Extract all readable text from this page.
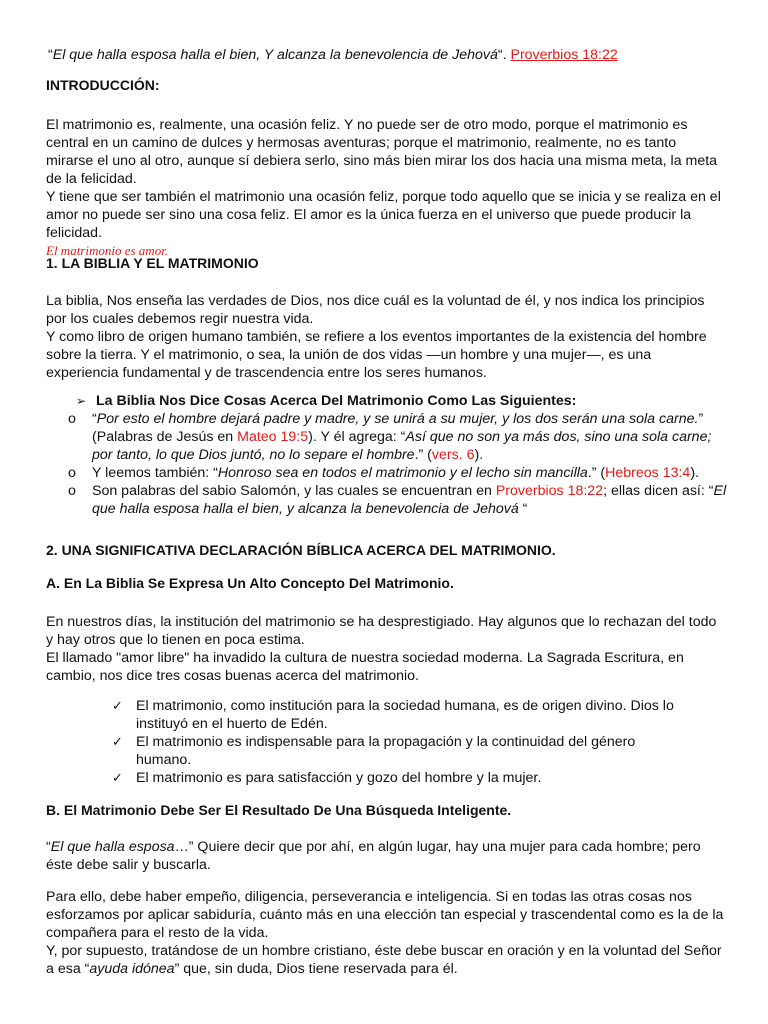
“El que halla esposa halla el bien, Y alcanza la benevolencia de Jehová“. Proverbios 18:22

INTRODUCCIÓN:

El matrimonio es, realmente, una ocasión feliz. Y no puede ser de otro modo, porque el matrimonio es central en un camino de dulces y hermosas aventuras; porque el matrimonio, realmente, no es tanto mirarse el uno al otro, aunque sí debiera serlo, sino más bien mirar los dos hacia una misma meta, la meta de la felicidad.
Y tiene que ser también el matrimonio una ocasión feliz, porque todo aquello que se inicia y se realiza en el amor no puede ser sino una cosa feliz. El amor es la única fuerza en el universo que puede producir la felicidad.
El matrimonio es amor.

1. LA BIBLIA Y EL MATRIMONIO

La biblia, Nos enseña las verdades de Dios, nos dice cuál es la voluntad de él, y nos indica los principios por los cuales debemos regir nuestra vida.
Y como libro de origen humano también, se refiere a los eventos importantes de la existencia del hombre sobre la tierra. Y el matrimonio, o sea, la unión de dos vidas —un hombre y una mujer—, es una experiencia fundamental y de trascendencia entre los seres humanos.
➢ La Biblia Nos Dice Cosas Acerca Del Matrimonio Como Las Siguientes:
o “Por esto el hombre dejará padre y madre, y se unirá a su mujer, y los dos serán una sola carne.” (Palabras de Jesús en Mateo 19:5). Y él agrega: “Así que no son ya más dos, sino una sola carne; por tanto, lo que Dios juntó, no lo separe el hombre.” (vers. 6).
o Y leemos también: “Honroso sea en todos el matrimonio y el lecho sin mancilla.” (Hebreos 13:4).
o Son palabras del sabio Salomón, y las cuales se encuentran en Proverbios 18:22; ellas dicen así: “El que halla esposa halla el bien, y alcanza la benevolencia de Jehová “

2. UNA SIGNIFICATIVA DECLARACIÓN BÍBLICA ACERCA DEL MATRIMONIO.

A. En La Biblia Se Expresa Un Alto Concepto Del Matrimonio.

En nuestros días, la institución del matrimonio se ha desprestigiado. Hay algunos que lo rechazan del todo y hay otros que lo tienen en poca estima.
El llamado "amor libre" ha invadido la cultura de nuestra sociedad moderna. La Sagrada Escritura, en cambio, nos dice tres cosas buenas acerca del matrimonio.
✓ El matrimonio, como institución para la sociedad humana, es de origen divino. Dios lo instituyó en el huerto de Edén.
✓ El matrimonio es indispensable para la propagación y la continuidad del género humano.
✓ El matrimonio es para satisfacción y gozo del hombre y la mujer.

B. El Matrimonio Debe Ser El Resultado De Una Búsqueda Inteligente.

“El que halla esposa…” Quiere decir que por ahí, en algún lugar, hay una mujer para cada hombre; pero éste debe salir y buscarla.
Para ello, debe haber empeño, diligencia, perseverancia e inteligencia. Si en todas las otras cosas nos esforzamos por aplicar sabiduría, cuánto más en una elección tan especial y trascendental como es la de la compañera para el resto de la vida.
Y, por supuesto, tratándose de un hombre cristiano, éste debe buscar en oración y en la voluntad del Señor a esa “ayuda idónea” que, sin duda, Dios tiene reservada para él.
